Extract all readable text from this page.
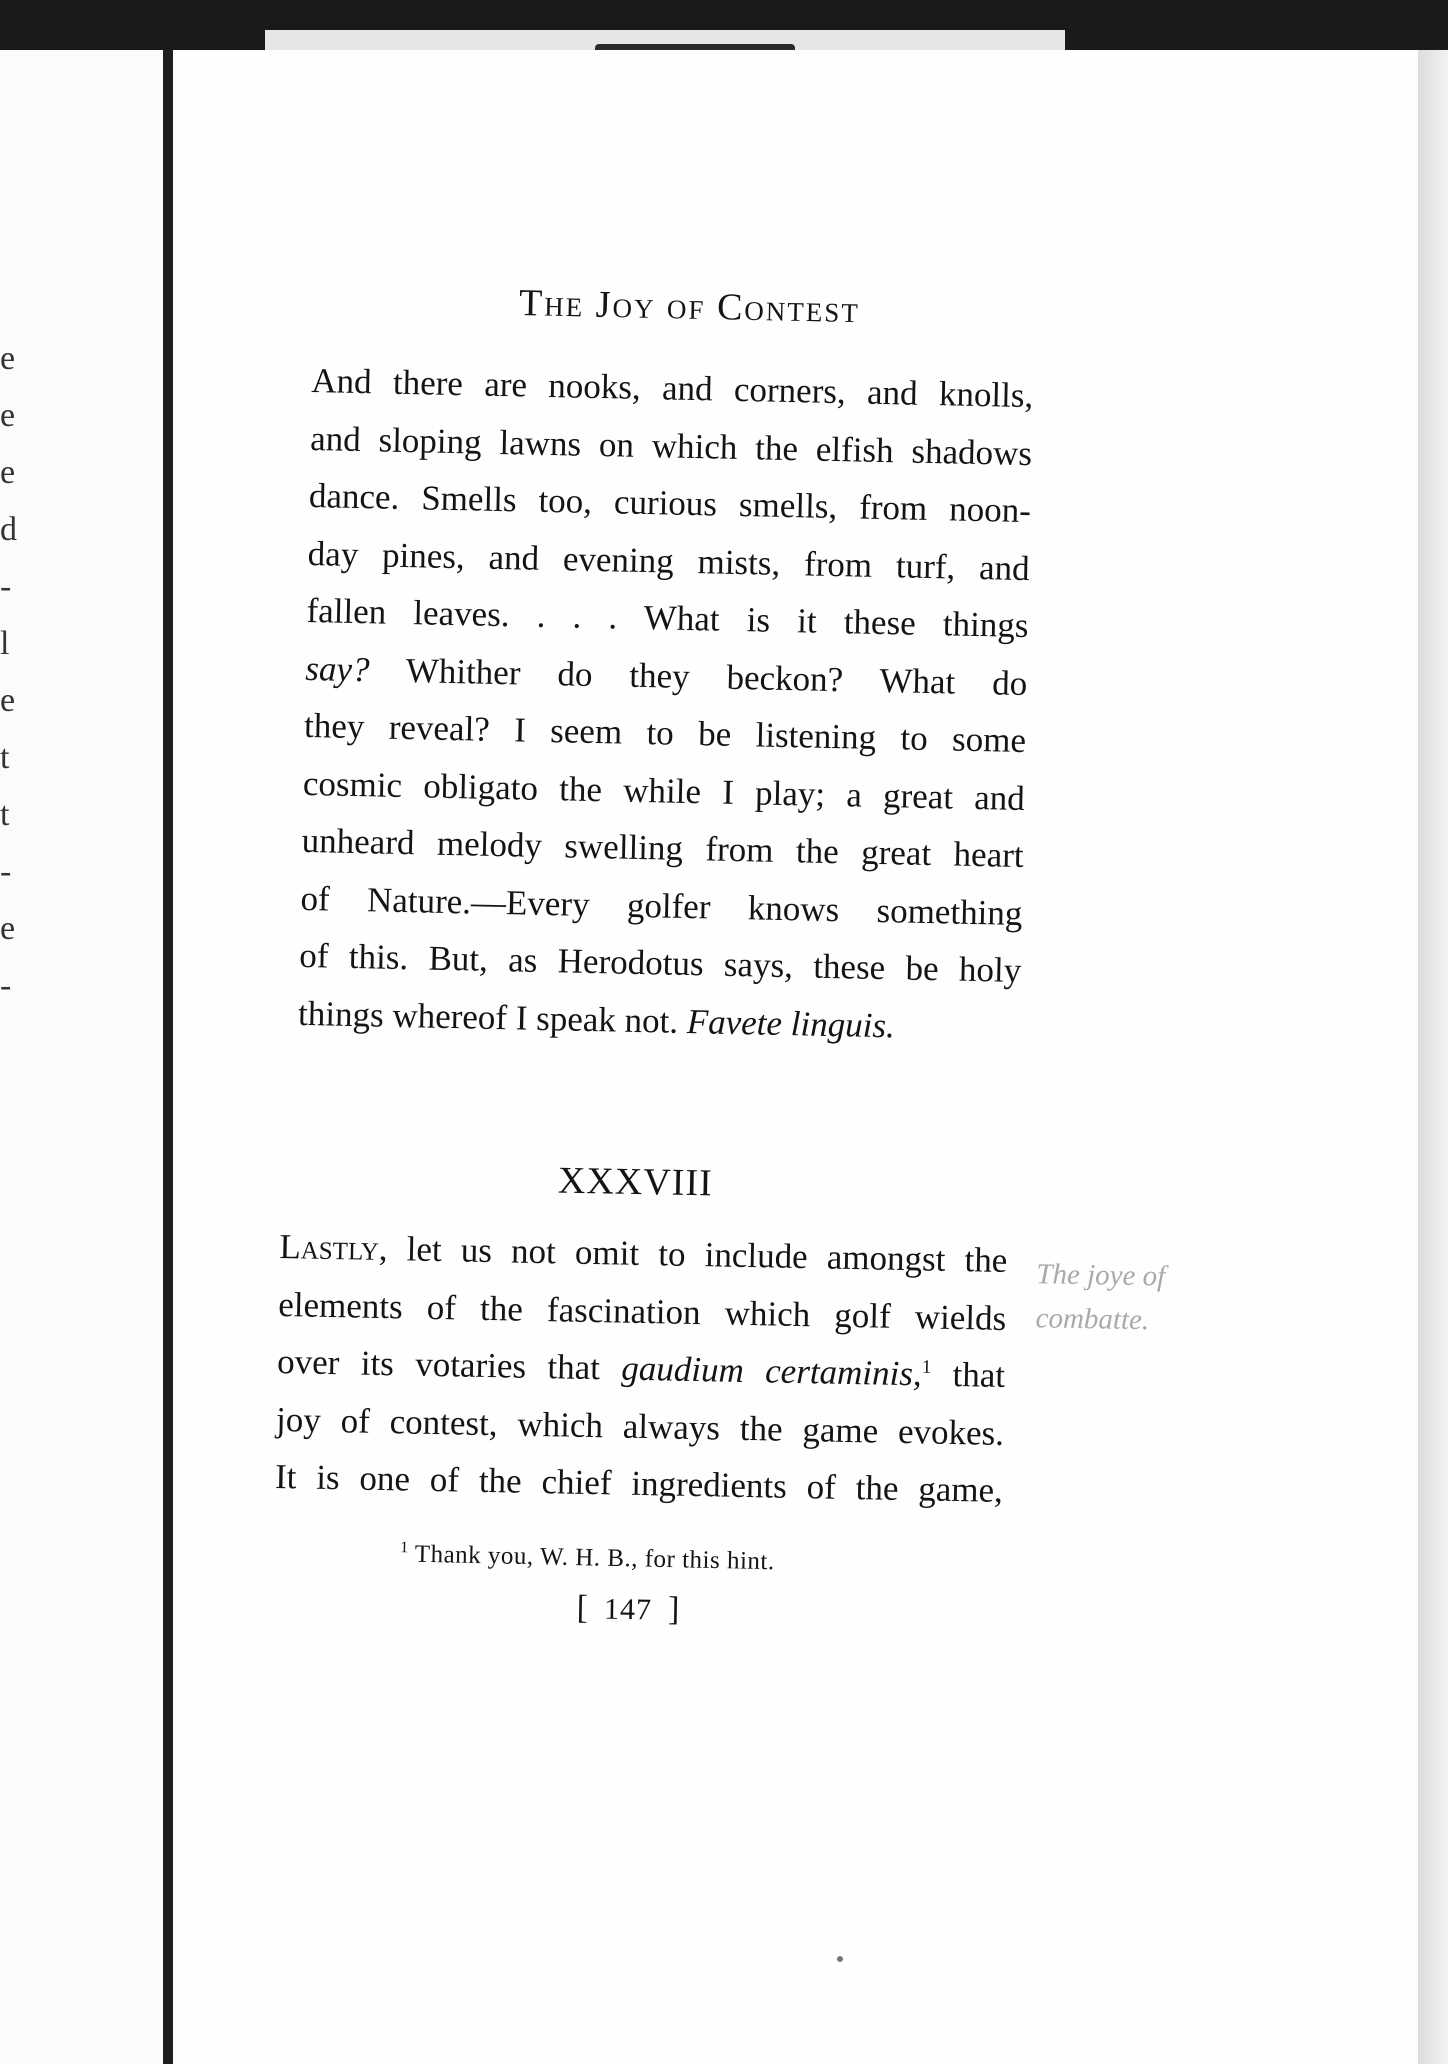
e
e
e
d
-
l
e
t
t
-
e
-
The Joy of Contest
And there are nooks, and corners, and knolls,
and sloping lawns on which the elfish shadows
dance. Smells too, curious smells, from noon-
day pines, and evening mists, from turf, and
fallen leaves. . . . What is it these things
say? Whither do they beckon? What do
they reveal? I seem to be listening to some
cosmic obligato the while I play; a great and
unheard melody swelling from the great heart
of Nature.—Every golfer knows something
of this. But, as Herodotus says, these be holy
things whereof I speak not. Favete linguis.
XXXVIII
Lastly, let us not omit to include amongst the
elements of the fascination which golf wields
over its votaries that gaudium certaminis,$^1$ that
joy of contest, which always the game evokes.
It is one of the chief ingredients of the game,
The joye of
combatte.
$^1$ Thank you, W. H. B., for this hint.
[ 147 ]
